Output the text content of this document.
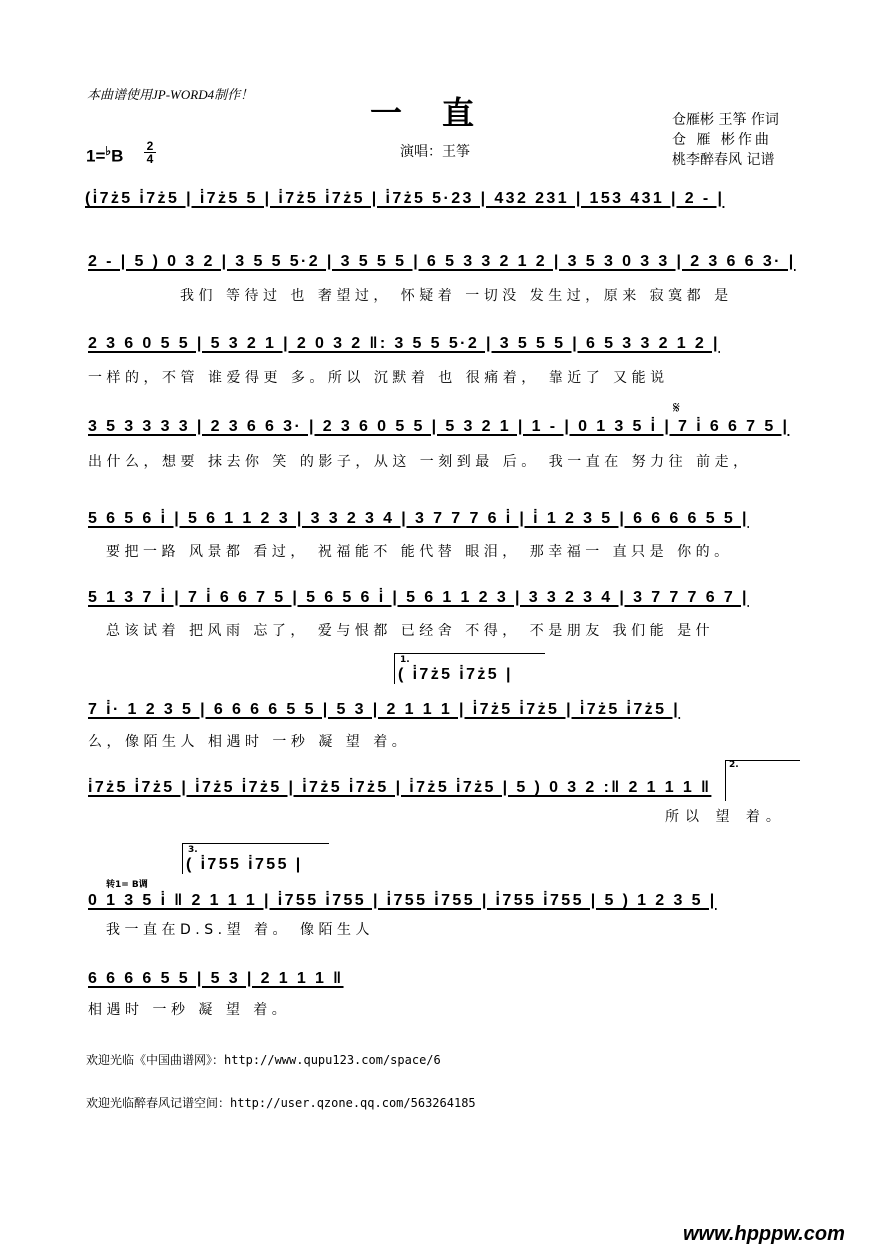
本曲谱使用JP-WORD4制作！	一直	仓雁彬 王筝 作词
仓 雁 彬作曲
桃李醉春风 记谱
演唱：王筝
1=♭B
2
4
(i̇7ż5 i̇7ż5 | i̇7ż5 5 | i̇7ż5 i̇7ż5 | i̇7ż5 5·23 | 432 231 | 153 431 | 2 - |
2 - | 5 ) 0 3 2 | 3 5 5 5·2 | 3 5 5 5 | 6 5 3 3 2 1 2 | 3 5 3 0 3 3 | 2 3 6 6 3· |
我们 等待过 也 奢望过， 怀疑着 一切没 发生过，原来 寂寞都 是
2 3 6 0 5 5 | 5 3 2 1 | 2 0 3 2 ‖: 3 5 5 5·2 | 3 5 5 5 | 6 5 3 3 2 1 2 |
一样的，不管 谁爱得更 多。所以 沉默着 也 很痛着， 靠近了 又能说
𝄋
3 5 3 3 3 3 | 2 3 6 6 3· | 2 3 6 0 5 5 | 5 3 2 1 | 1 - | 0 1 3 5 i̇ | 7 i̇ 6 6 7 5 |
出什么，想要 抹去你 笑 的影子，从这 一刻到最 后。 我一直在 努力往 前走，
5 6 5 6 i̇ | 5 6 1 1 2 3 | 3 3 2 3 4 | 3 7 7 7 6 i̇ | i̇ 1 2 3 5 | 6 6 6 6 5 5 |
要把一路 风景都 看过， 祝福能不 能代替 眼泪， 那幸福一 直只是 你的。
5 1 3 7 i̇ | 7 i̇ 6 6 7 5 | 5 6 5 6 i̇ | 5 6 1 1 2 3 | 3 3 2 3 4 | 3 7 7 7 6 7 |
总该试着 把风雨 忘了， 爱与恨都 已经舍 不得， 不是朋友 我们能 是什
1.
( i̇7ż5 i̇7ż5 |
7 i̇· 1 2 3 5 | 6 6 6 6 5 5 | 5 3 | 2 1 1 1 | i̇7ż5 i̇7ż5 | i̇7ż5 i̇7ż5 |
么，像陌生人 相遇时 一秒 凝 望 着。
2.
i̇7ż5 i̇7ż5 | i̇7ż5 i̇7ż5 | i̇7ż5 i̇7ż5 | i̇7ż5 i̇7ż5 | 5 ) 0 3 2 :‖ 2 1 1 1 ‖
所以 望 着。
3.
( i̇755 i̇755 |
转1= B调
0 1 3 5 i̇ ‖ 2 1 1 1 | i̇755 i̇755 | i̇755 i̇755 | i̇755 i̇755 | 5 ) 1 2 3 5 |
我一直在D.S.望 着。 像陌生人
6 6 6 6 5 5 | 5 3 | 2 1 1 1 ‖
相遇时 一秒 凝 望 着。
欢迎光临《中国曲谱网》：http://www.qupu123.com/space/6
欢迎光临醉春风记谱空间：http://user.qzone.qq.com/563264185
www.hpppw.com
